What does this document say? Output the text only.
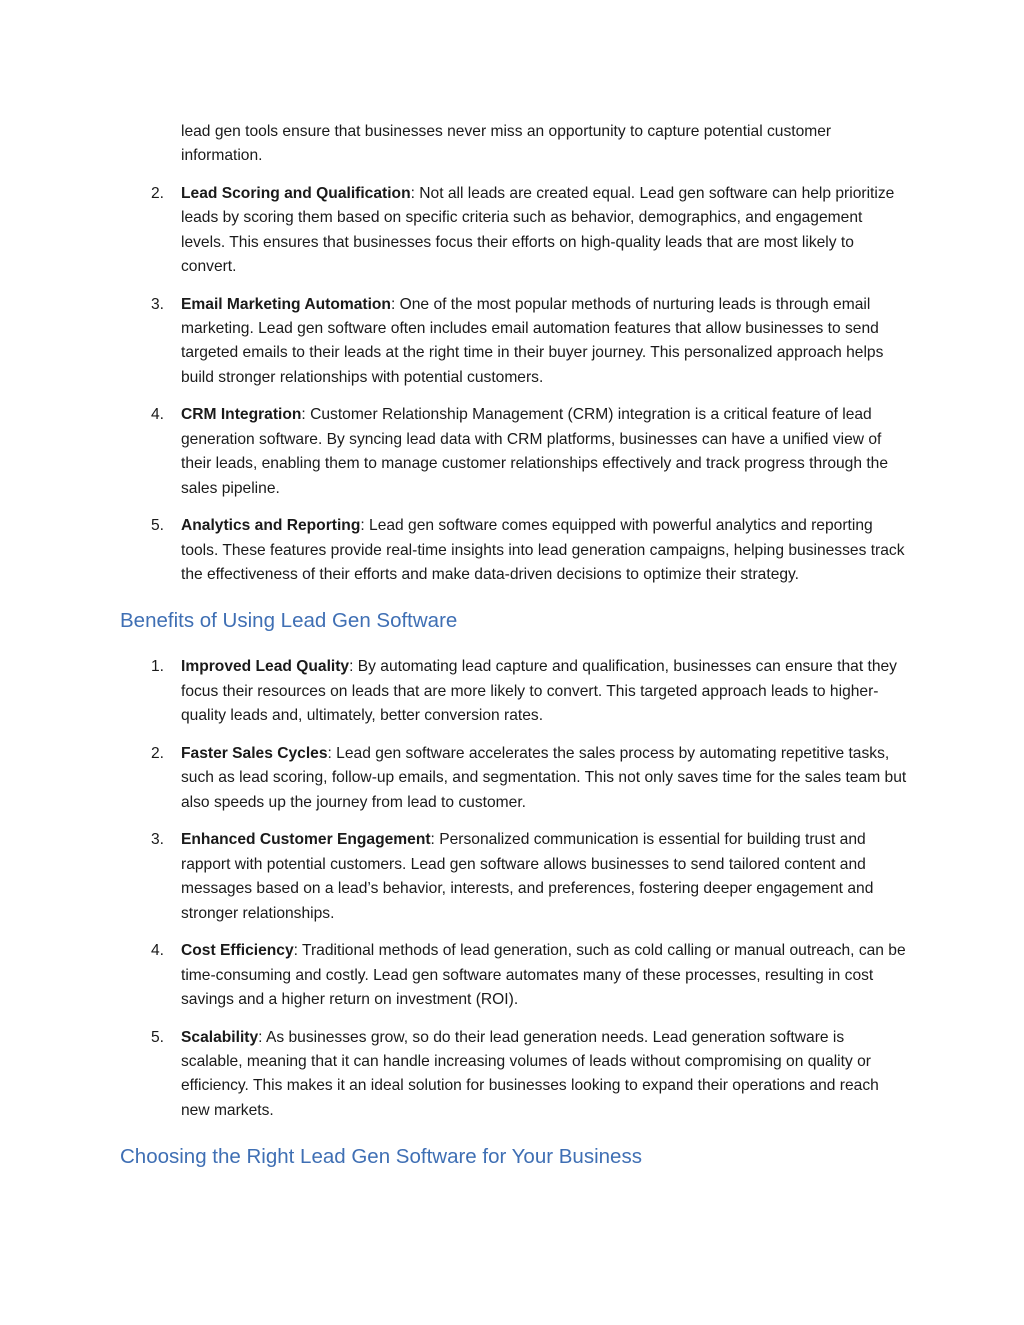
lead gen tools ensure that businesses never miss an opportunity to capture potential customer information.

2.	Lead Scoring and Qualification: Not all leads are created equal. Lead gen software can help prioritize leads by scoring them based on specific criteria such as behavior, demographics, and engagement levels. This ensures that businesses focus their efforts on high-quality leads that are most likely to convert.
3.	Email Marketing Automation: One of the most popular methods of nurturing leads is through email marketing. Lead gen software often includes email automation features that allow businesses to send targeted emails to their leads at the right time in their buyer journey. This personalized approach helps build stronger relationships with potential customers.
4.	CRM Integration: Customer Relationship Management (CRM) integration is a critical feature of lead generation software. By syncing lead data with CRM platforms, businesses can have a unified view of their leads, enabling them to manage customer relationships effectively and track progress through the sales pipeline.
5.	Analytics and Reporting: Lead gen software comes equipped with powerful analytics and reporting tools. These features provide real-time insights into lead generation campaigns, helping businesses track the effectiveness of their efforts and make data-driven decisions to optimize their strategy.
Benefits of Using Lead Gen Software
1.	Improved Lead Quality: By automating lead capture and qualification, businesses can ensure that they focus their resources on leads that are more likely to convert. This targeted approach leads to higher-quality leads and, ultimately, better conversion rates.
2.	Faster Sales Cycles: Lead gen software accelerates the sales process by automating repetitive tasks, such as lead scoring, follow-up emails, and segmentation. This not only saves time for the sales team but also speeds up the journey from lead to customer.
3.	Enhanced Customer Engagement: Personalized communication is essential for building trust and rapport with potential customers. Lead gen software allows businesses to send tailored content and messages based on a lead’s behavior, interests, and preferences, fostering deeper engagement and stronger relationships.
4.	Cost Efficiency: Traditional methods of lead generation, such as cold calling or manual outreach, can be time-consuming and costly. Lead gen software automates many of these processes, resulting in cost savings and a higher return on investment (ROI).
5.	Scalability: As businesses grow, so do their lead generation needs. Lead generation software is scalable, meaning that it can handle increasing volumes of leads without compromising on quality or efficiency. This makes it an ideal solution for businesses looking to expand their operations and reach new markets.
Choosing the Right Lead Gen Software for Your Business
